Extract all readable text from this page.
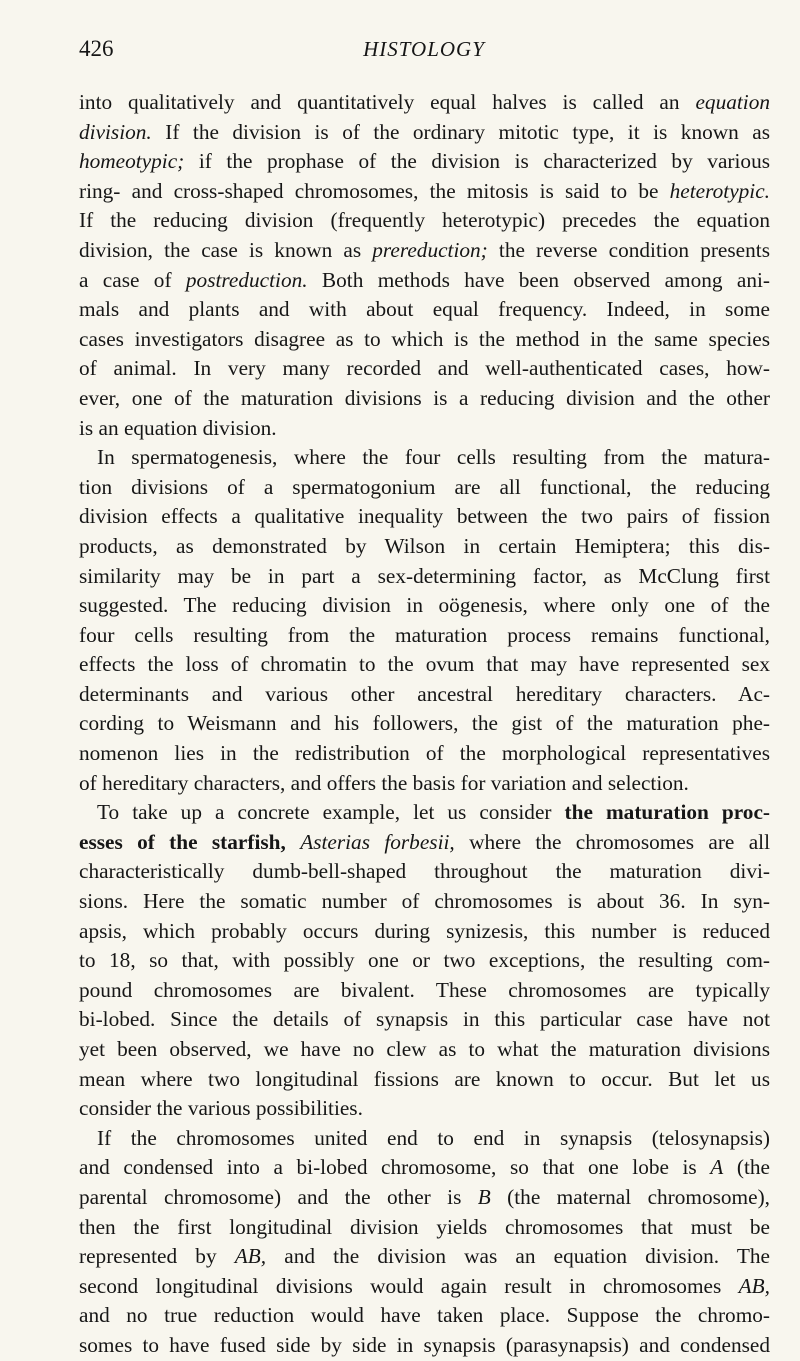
426	HISTOLOGY
into qualitatively and quantitatively equal halves is called an equation
division. If the division is of the ordinary mitotic type, it is known as
homeotypic; if the prophase of the division is characterized by various
ring- and cross-shaped chromosomes, the mitosis is said to be heterotypic.
If the reducing division (frequently heterotypic) precedes the equation
division, the case is known as prereduction; the reverse condition presents
a case of postreduction. Both methods have been observed among ani-
mals and plants and with about equal frequency. Indeed, in some
cases investigators disagree as to which is the method in the same species
of animal. In very many recorded and well-authenticated cases, how-
ever, one of the maturation divisions is a reducing division and the other
is an equation division.
In spermatogenesis, where the four cells resulting from the matura-
tion divisions of a spermatogonium are all functional, the reducing
division effects a qualitative inequality between the two pairs of fission
products, as demonstrated by Wilson in certain Hemiptera; this dis-
similarity may be in part a sex-determining factor, as McClung first
suggested. The reducing division in oögenesis, where only one of the
four cells resulting from the maturation process remains functional,
effects the loss of chromatin to the ovum that may have represented sex
determinants and various other ancestral hereditary characters. Ac-
cording to Weismann and his followers, the gist of the maturation phe-
nomenon lies in the redistribution of the morphological representatives
of hereditary characters, and offers the basis for variation and selection.
To take up a concrete example, let us consider the maturation proc-
esses of the starfish, Asterias forbesii, where the chromosomes are all
characteristically dumb-bell-shaped throughout the maturation divi-
sions. Here the somatic number of chromosomes is about 36. In syn-
apsis, which probably occurs during synizesis, this number is reduced
to 18, so that, with possibly one or two exceptions, the resulting com-
pound chromosomes are bivalent. These chromosomes are typically
bi-lobed. Since the details of synapsis in this particular case have not
yet been observed, we have no clew as to what the maturation divisions
mean where two longitudinal fissions are known to occur. But let us
consider the various possibilities.
If the chromosomes united end to end in synapsis (telosynapsis)
and condensed into a bi-lobed chromosome, so that one lobe is A (the
parental chromosome) and the other is B (the maternal chromosome),
then the first longitudinal division yields chromosomes that must be
represented by AB, and the division was an equation division. The
second longitudinal divisions would again result in chromosomes AB,
and no true reduction would have taken place. Suppose the chromo-
somes to have fused side by side in synapsis (parasynapsis) and condensed
